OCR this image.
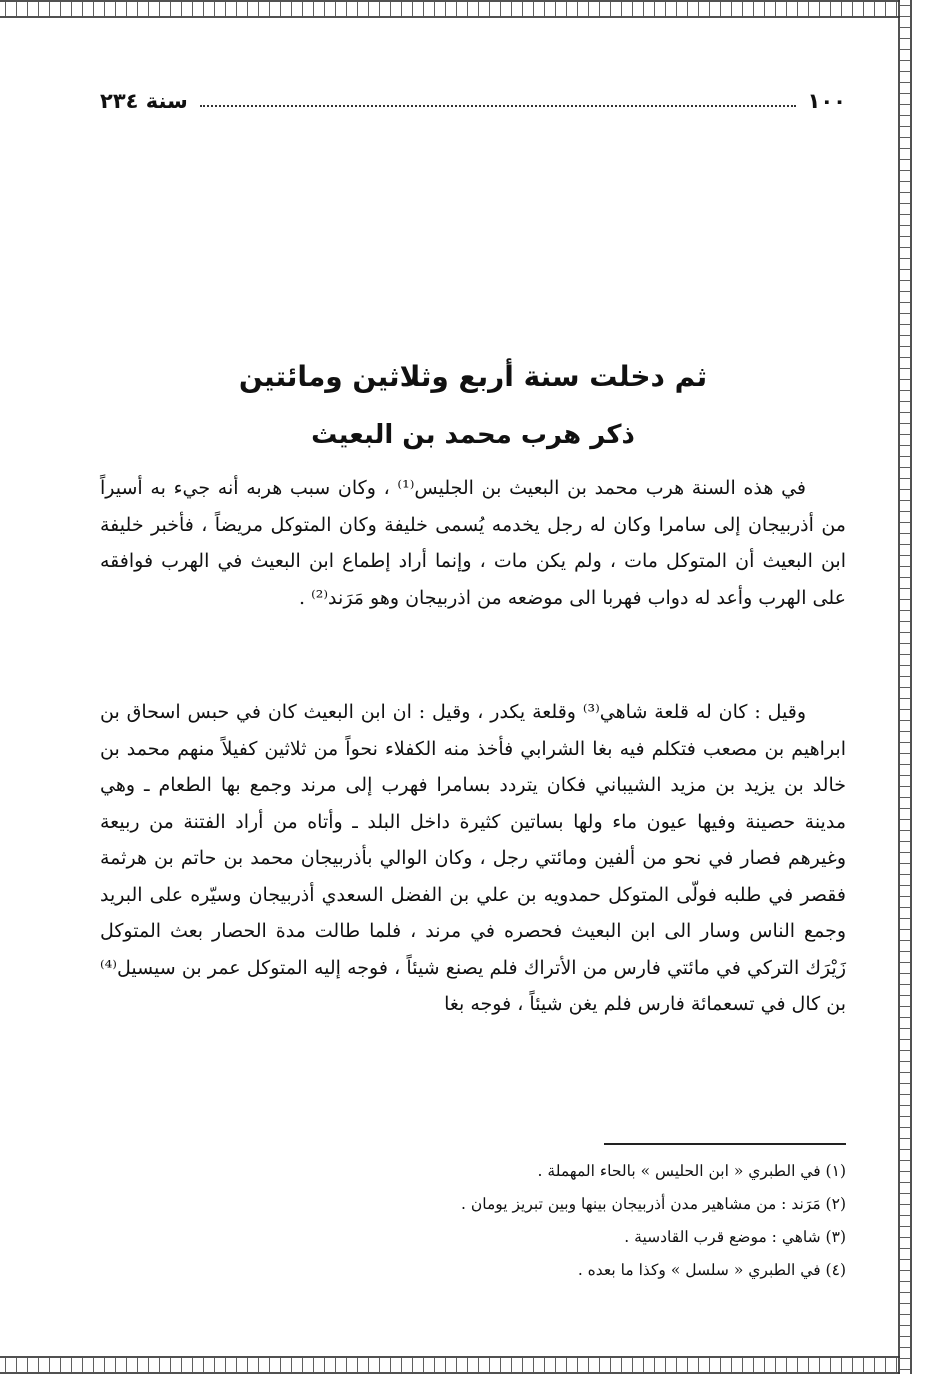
١٠٠
سنة ٢٣٤
ثم دخلت سنة أربع وثلاثين ومائتين
ذكر هرب محمد بن البعيث

في هذه السنة هرب محمد بن البعيث بن الجليس⁽¹⁾ ، وكان سبب هربه أنه جيء به أسيراً من أذربيجان إلى سامرا وكان له رجل يخدمه يُسمى خليفة وكان المتوكل مريضاً ، فأخبر خليفة ابن البعيث أن المتوكل مات ، ولم يكن مات ، وإنما أراد إطماع ابن البعيث في الهرب فوافقه على الهرب وأعد له دواب فهربا الى موضعه من اذربيجان وهو مَرَند⁽²⁾ .

وقيل : كان له قلعة شاهي⁽³⁾ وقلعة يكدر ، وقيل : ان ابن البعيث كان في حبس اسحاق بن ابراهيم بن مصعب فتكلم فيه بغا الشرابي فأخذ منه الكفلاء نحواً من ثلاثين كفيلاً منهم محمد بن خالد بن يزيد بن مزيد الشيباني فكان يتردد بسامرا فهرب إلى مرند وجمع بها الطعام ـ وهي مدينة حصينة وفيها عيون ماء ولها بساتين كثيرة داخل البلد ـ وأتاه من أراد الفتنة من ربيعة وغيرهم فصار في نحو من ألفين ومائتي رجل ، وكان الوالي بأذربيجان محمد بن حاتم بن هرثمة فقصر في طلبه فولّى المتوكل حمدويه بن علي بن الفضل السعدي أذربيجان وسيّره على البريد وجمع الناس وسار الى ابن البعيث فحصره في مرند ، فلما طالت مدة الحصار بعث المتوكل زَيْرَك التركي في مائتي فارس من الأتراك فلم يصنع شيئاً ، فوجه إليه المتوكل عمر بن سيسيل⁽⁴⁾ بن كال في تسعمائة فارس فلم يغن شيئاً ، فوجه بغا

(١) في الطبري « ابن الحليس » بالحاء المهملة .
(٢) مَرَند : من مشاهير مدن أذربيجان بينها وبين تبريز يومان .
(٣) شاهي : موضع قرب القادسية .
(٤) في الطبري « سلسل » وكذا ما بعده .
